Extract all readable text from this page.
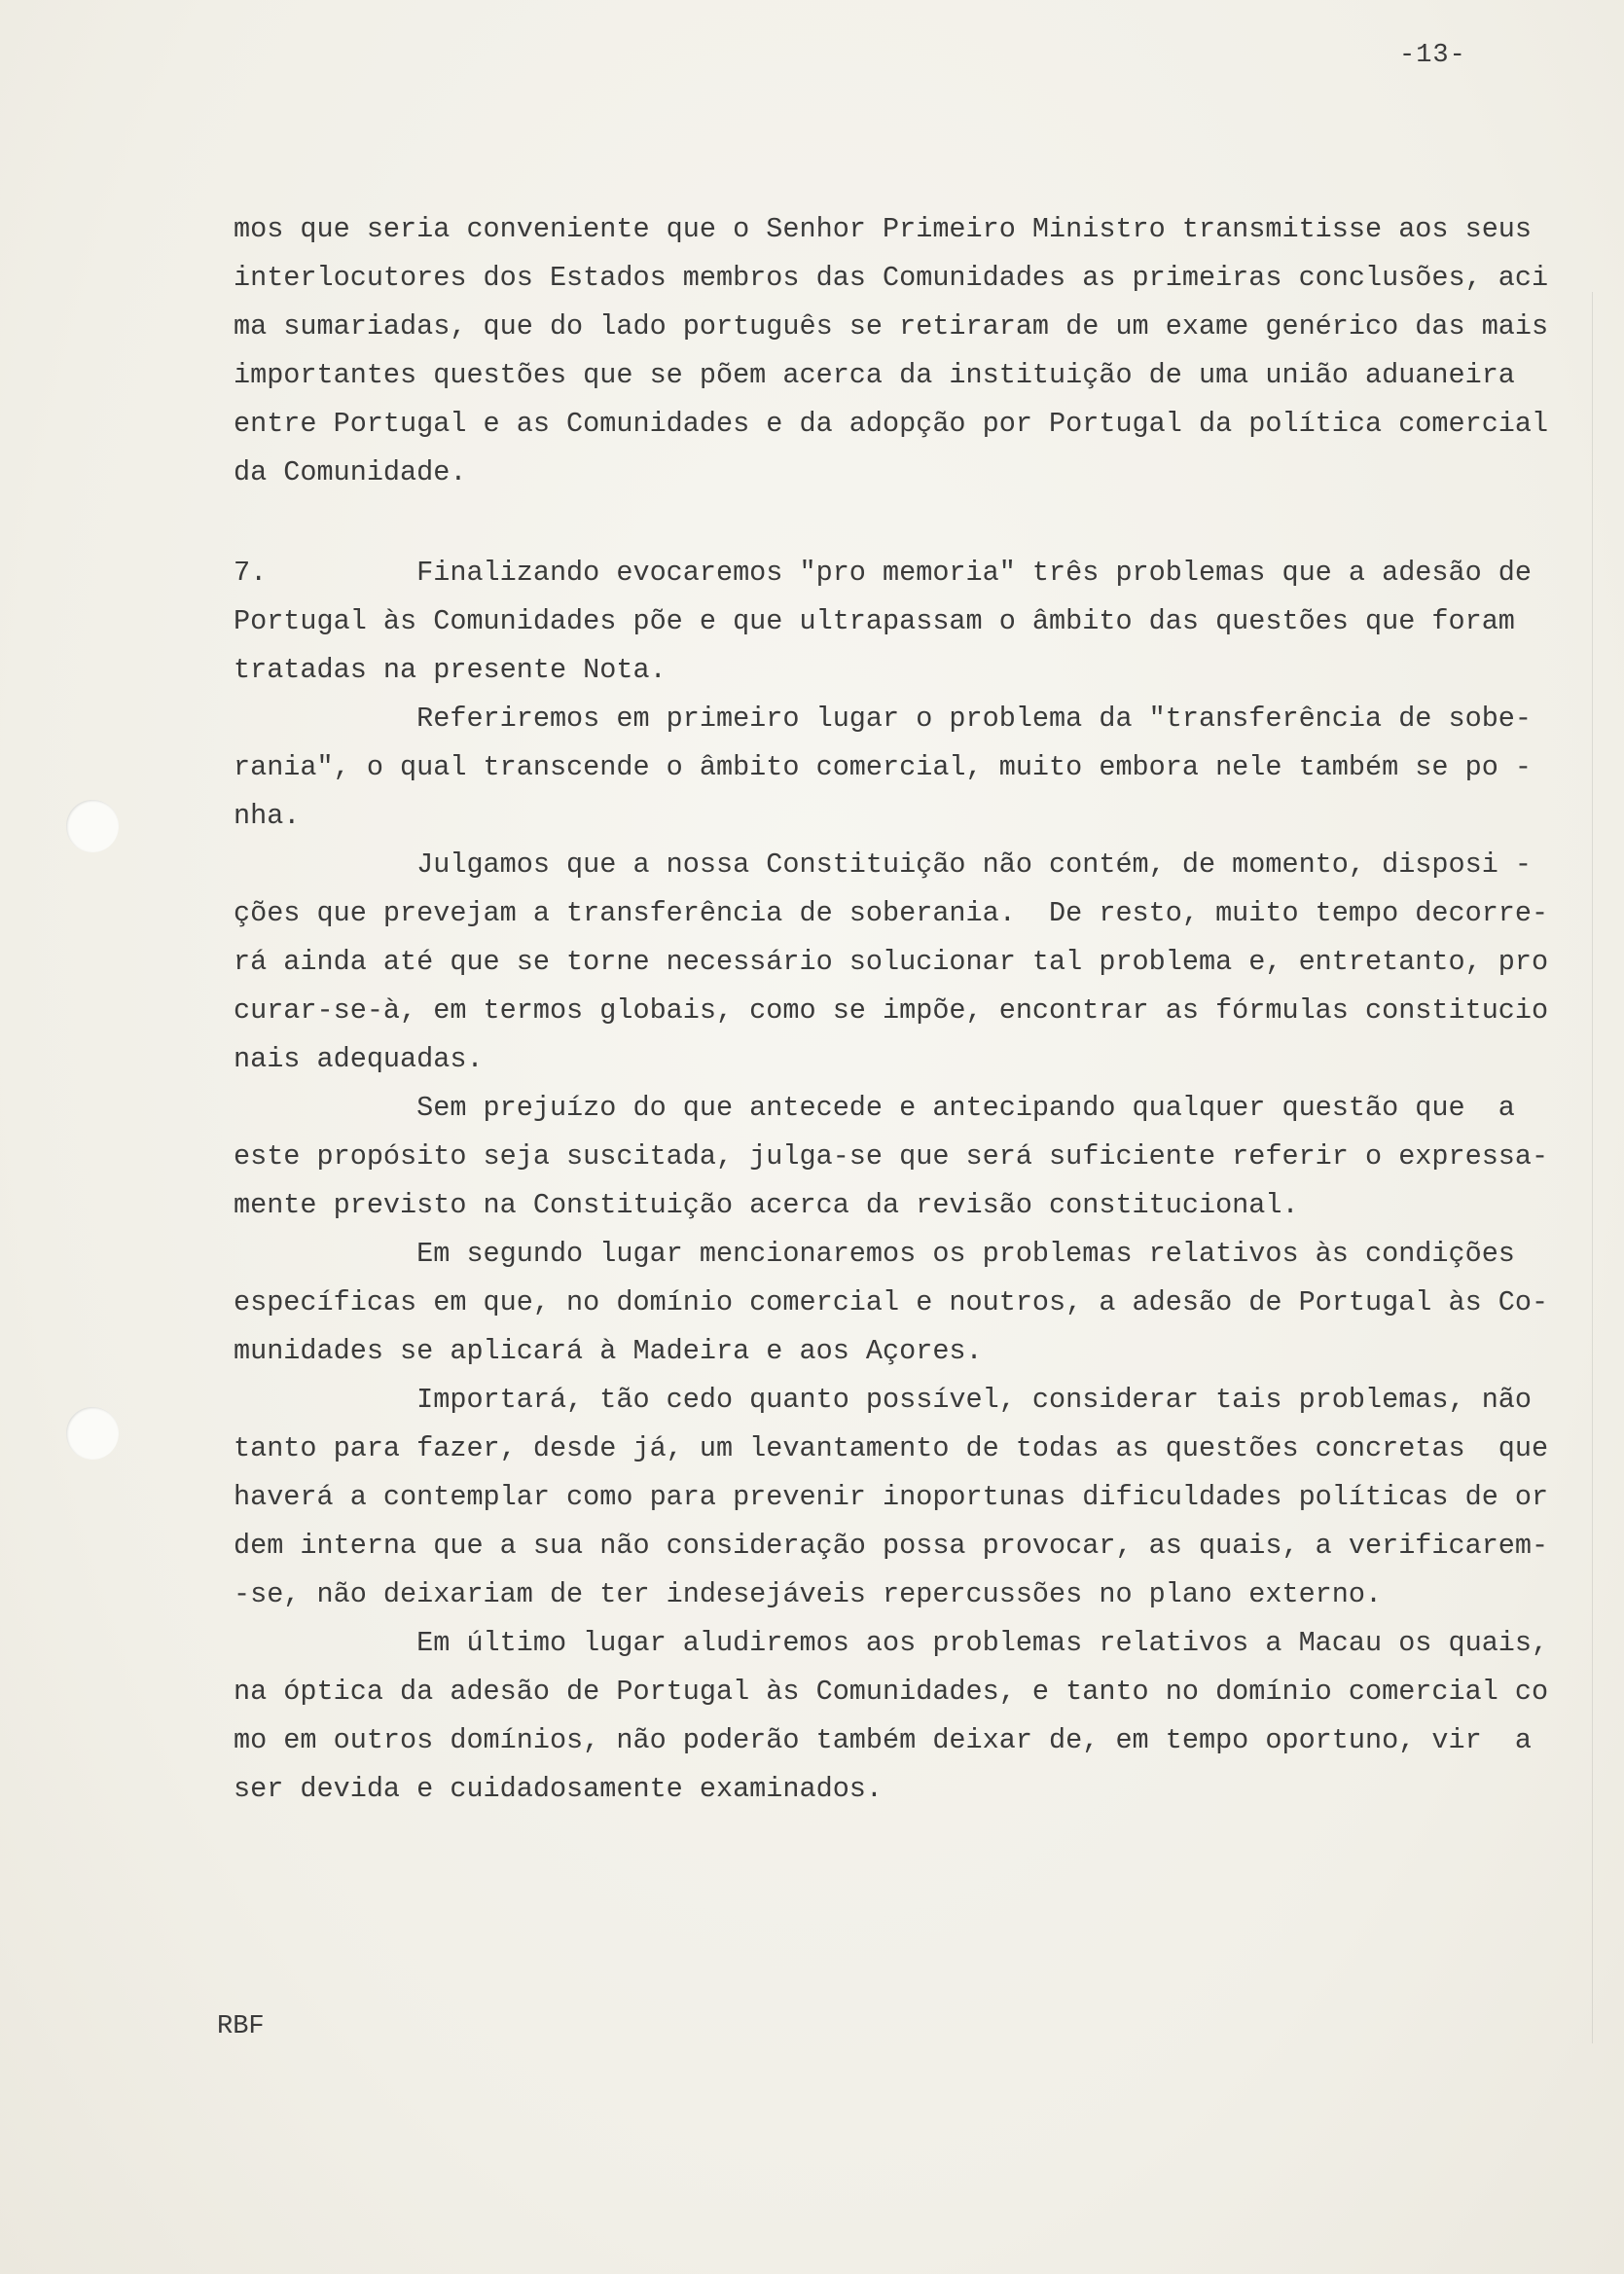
-13-
mos que seria conveniente que o Senhor Primeiro Ministro transmitisse aos seus
interlocutores dos Estados membros das Comunidades as primeiras conclusões, aci
ma sumariadas, que do lado português se retiraram de um exame genérico das mais
importantes questões que se põem acerca da instituição de uma união aduaneira
entre Portugal e as Comunidades e da adopção por Portugal da política comercial
da Comunidade.
7.         Finalizando evocaremos "pro memoria" três problemas que a adesão de
Portugal às Comunidades põe e que ultrapassam o âmbito das questões que foram
tratadas na presente Nota.
Referiremos em primeiro lugar o problema da "transferência de sobe-
rania", o qual transcende o âmbito comercial, muito embora nele também se po -
nha.
Julgamos que a nossa Constituição não contém, de momento, disposi -
ções que prevejam a transferência de soberania.  De resto, muito tempo decorre-
rá ainda até que se torne necessário solucionar tal problema e, entretanto, pro
curar-se-à, em termos globais, como se impõe, encontrar as fórmulas constitucio
nais adequadas.
Sem prejuízo do que antecede e antecipando qualquer questão que  a
este propósito seja suscitada, julga-se que será suficiente referir o expressa-
mente previsto na Constituição acerca da revisão constitucional.
Em segundo lugar mencionaremos os problemas relativos às condições
específicas em que, no domínio comercial e noutros, a adesão de Portugal às Co-
munidades se aplicará à Madeira e aos Açores.
Importará, tão cedo quanto possível, considerar tais problemas, não
tanto para fazer, desde já, um levantamento de todas as questões concretas  que
haverá a contemplar como para prevenir inoportunas dificuldades políticas de or
dem interna que a sua não consideração possa provocar, as quais, a verificarem-
-se, não deixariam de ter indesejáveis repercussões no plano externo.
Em último lugar aludiremos aos problemas relativos a Macau os quais,
na óptica da adesão de Portugal às Comunidades, e tanto no domínio comercial co
mo em outros domínios, não poderão também deixar de, em tempo oportuno, vir  a
ser devida e cuidadosamente examinados.
RBF
